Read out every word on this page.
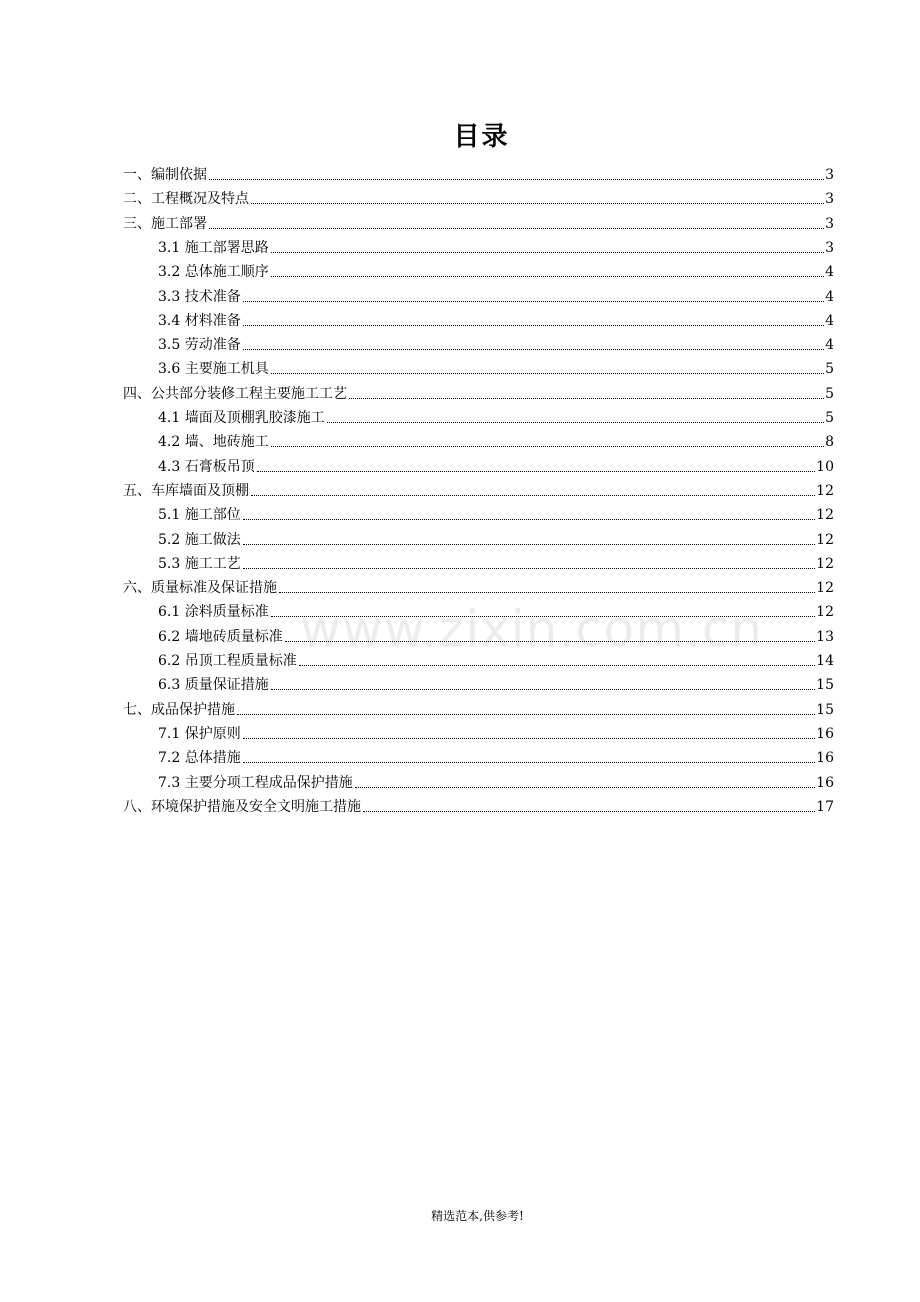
目录
一、编制依据	3
二、工程概况及特点	3
三、施工部署	3
3.1 施工部署思路	3
3.2 总体施工顺序	4
3.3 技术准备	4
3.4 材料准备	4
3.5 劳动准备	4
3.6 主要施工机具	5
四、公共部分装修工程主要施工工艺	5
4.1 墙面及顶棚乳胶漆施工	5
4.2 墙、地砖施工	8
4.3 石膏板吊顶	10
五、车库墙面及顶棚	12
5.1 施工部位	12
5.2 施工做法	12
5.3 施工工艺	12
六、质量标准及保证措施	12
6.1 涂料质量标准	12
6.2 墙地砖质量标准	13
6.2 吊顶工程质量标准	14
6.3 质量保证措施	15
七、成品保护措施	15
7.1 保护原则	16
7.2 总体措施	16
7.3 主要分项工程成品保护措施	16
八、环境保护措施及安全文明施工措施	17
www.zixin.com.cn
精选范本,供参考!
